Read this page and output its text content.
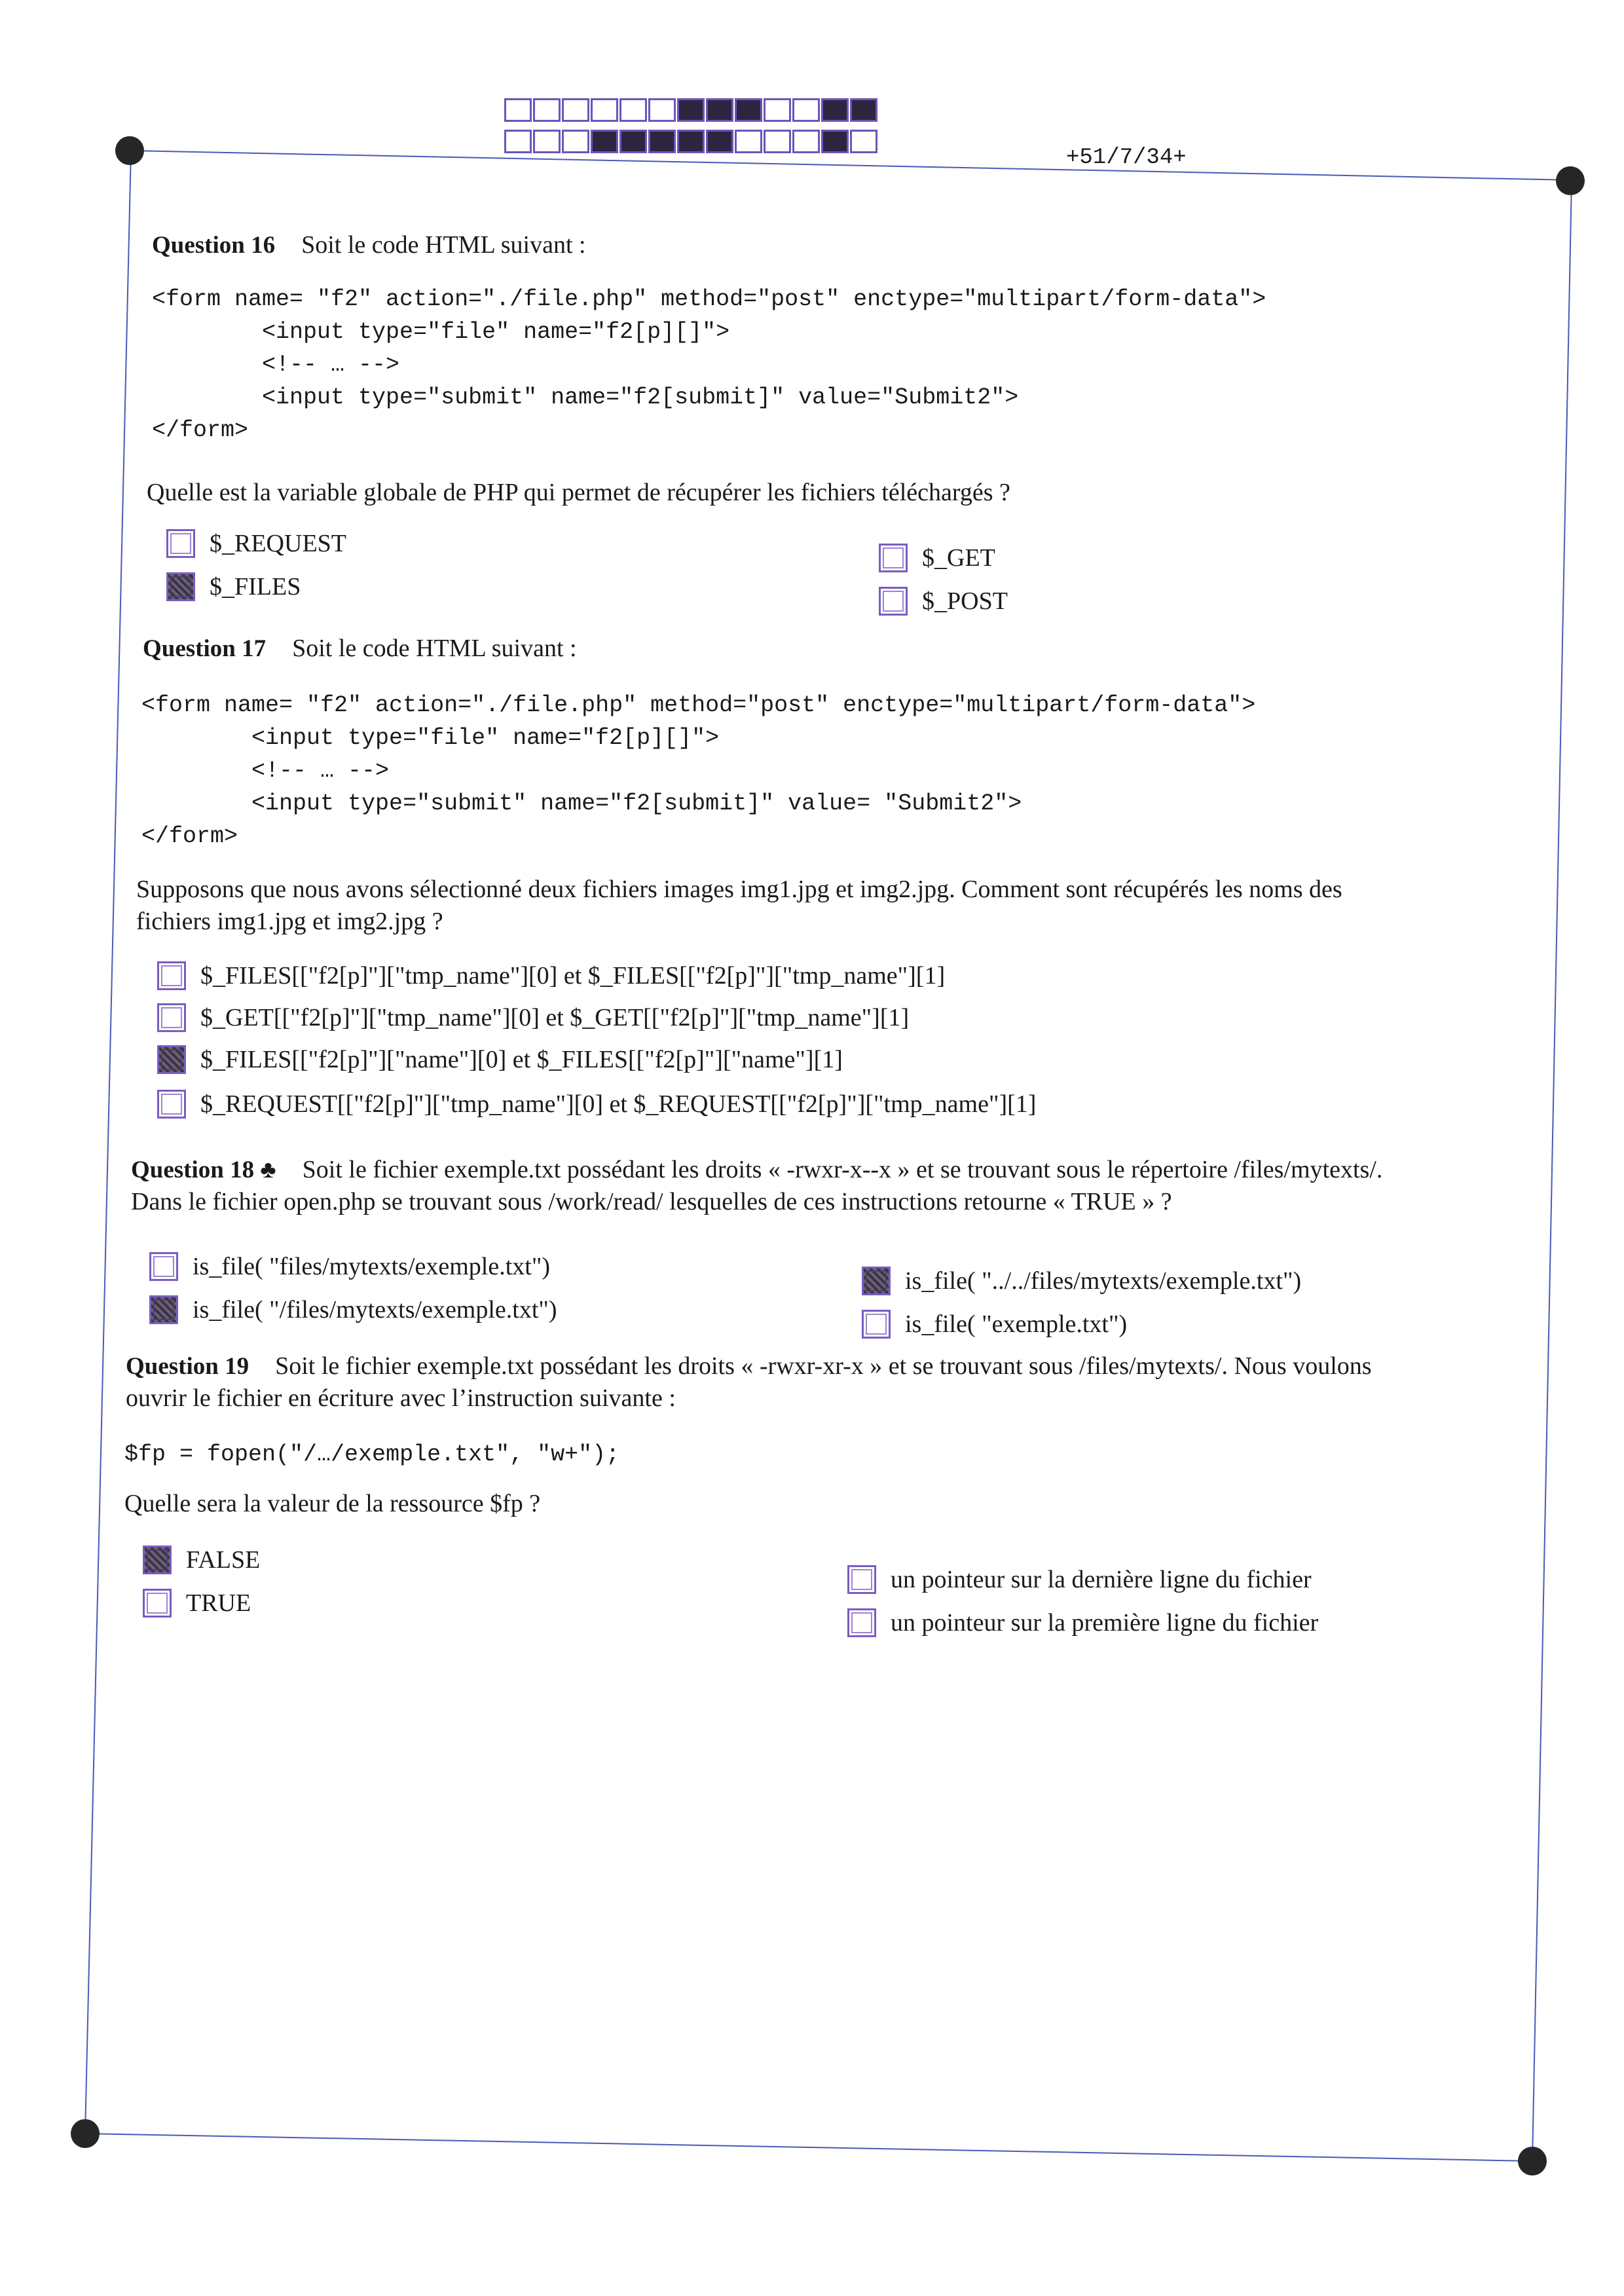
+51/7/34+
Question 16 Soit le code HTML suivant :
<form name= "f2" action="./file.php" method="post" enctype="multipart/form-data">
<input type="file" name="f2[p][]">
<!-- … -->
<input type="submit" name="f2[submit]" value="Submit2">
</form>
Quelle est la variable globale de PHP qui permet de récupérer les fichiers téléchargés ?
$_REQUEST
$_FILES
$_GET
$_POST
Question 17 Soit le code HTML suivant :
<form name= "f2" action="./file.php" method="post" enctype="multipart/form-data">
<input type="file" name="f2[p][]">
<!-- … -->
<input type="submit" name="f2[submit]" value= "Submit2">
</form>
Supposons que nous avons sélectionné deux fichiers images img1.jpg et img2.jpg. Comment sont récupérés les noms des
fichiers img1.jpg et img2.jpg ?
$_FILES[["f2[p]"]["tmp_name"][0] et $_FILES[["f2[p]"]["tmp_name"][1]
$_GET[["f2[p]"]["tmp_name"][0] et $_GET[["f2[p]"]["tmp_name"][1]
$_FILES[["f2[p]"]["name"][0] et $_FILES[["f2[p]"]["name"][1]
$_REQUEST[["f2[p]"]["tmp_name"][0] et $_REQUEST[["f2[p]"]["tmp_name"][1]
Question 18 ♣ Soit le fichier exemple.txt possédant les droits « -rwxr-x--x » et se trouvant sous le répertoire /files/mytexts/.
Dans le fichier open.php se trouvant sous /work/read/ lesquelles de ces instructions retourne « TRUE » ?
is_file( "files/mytexts/exemple.txt")
is_file( "/files/mytexts/exemple.txt")
is_file( "../../files/mytexts/exemple.txt")
is_file( "exemple.txt")
Question 19 Soit le fichier exemple.txt possédant les droits « -rwxr-xr-x » et se trouvant sous /files/mytexts/. Nous voulons
ouvrir le fichier en écriture avec l’instruction suivante :
$fp = fopen("/…/exemple.txt", "w+");
Quelle sera la valeur de la ressource $fp ?
FALSE
TRUE
un pointeur sur la dernière ligne du fichier
un pointeur sur la première ligne du fichier
